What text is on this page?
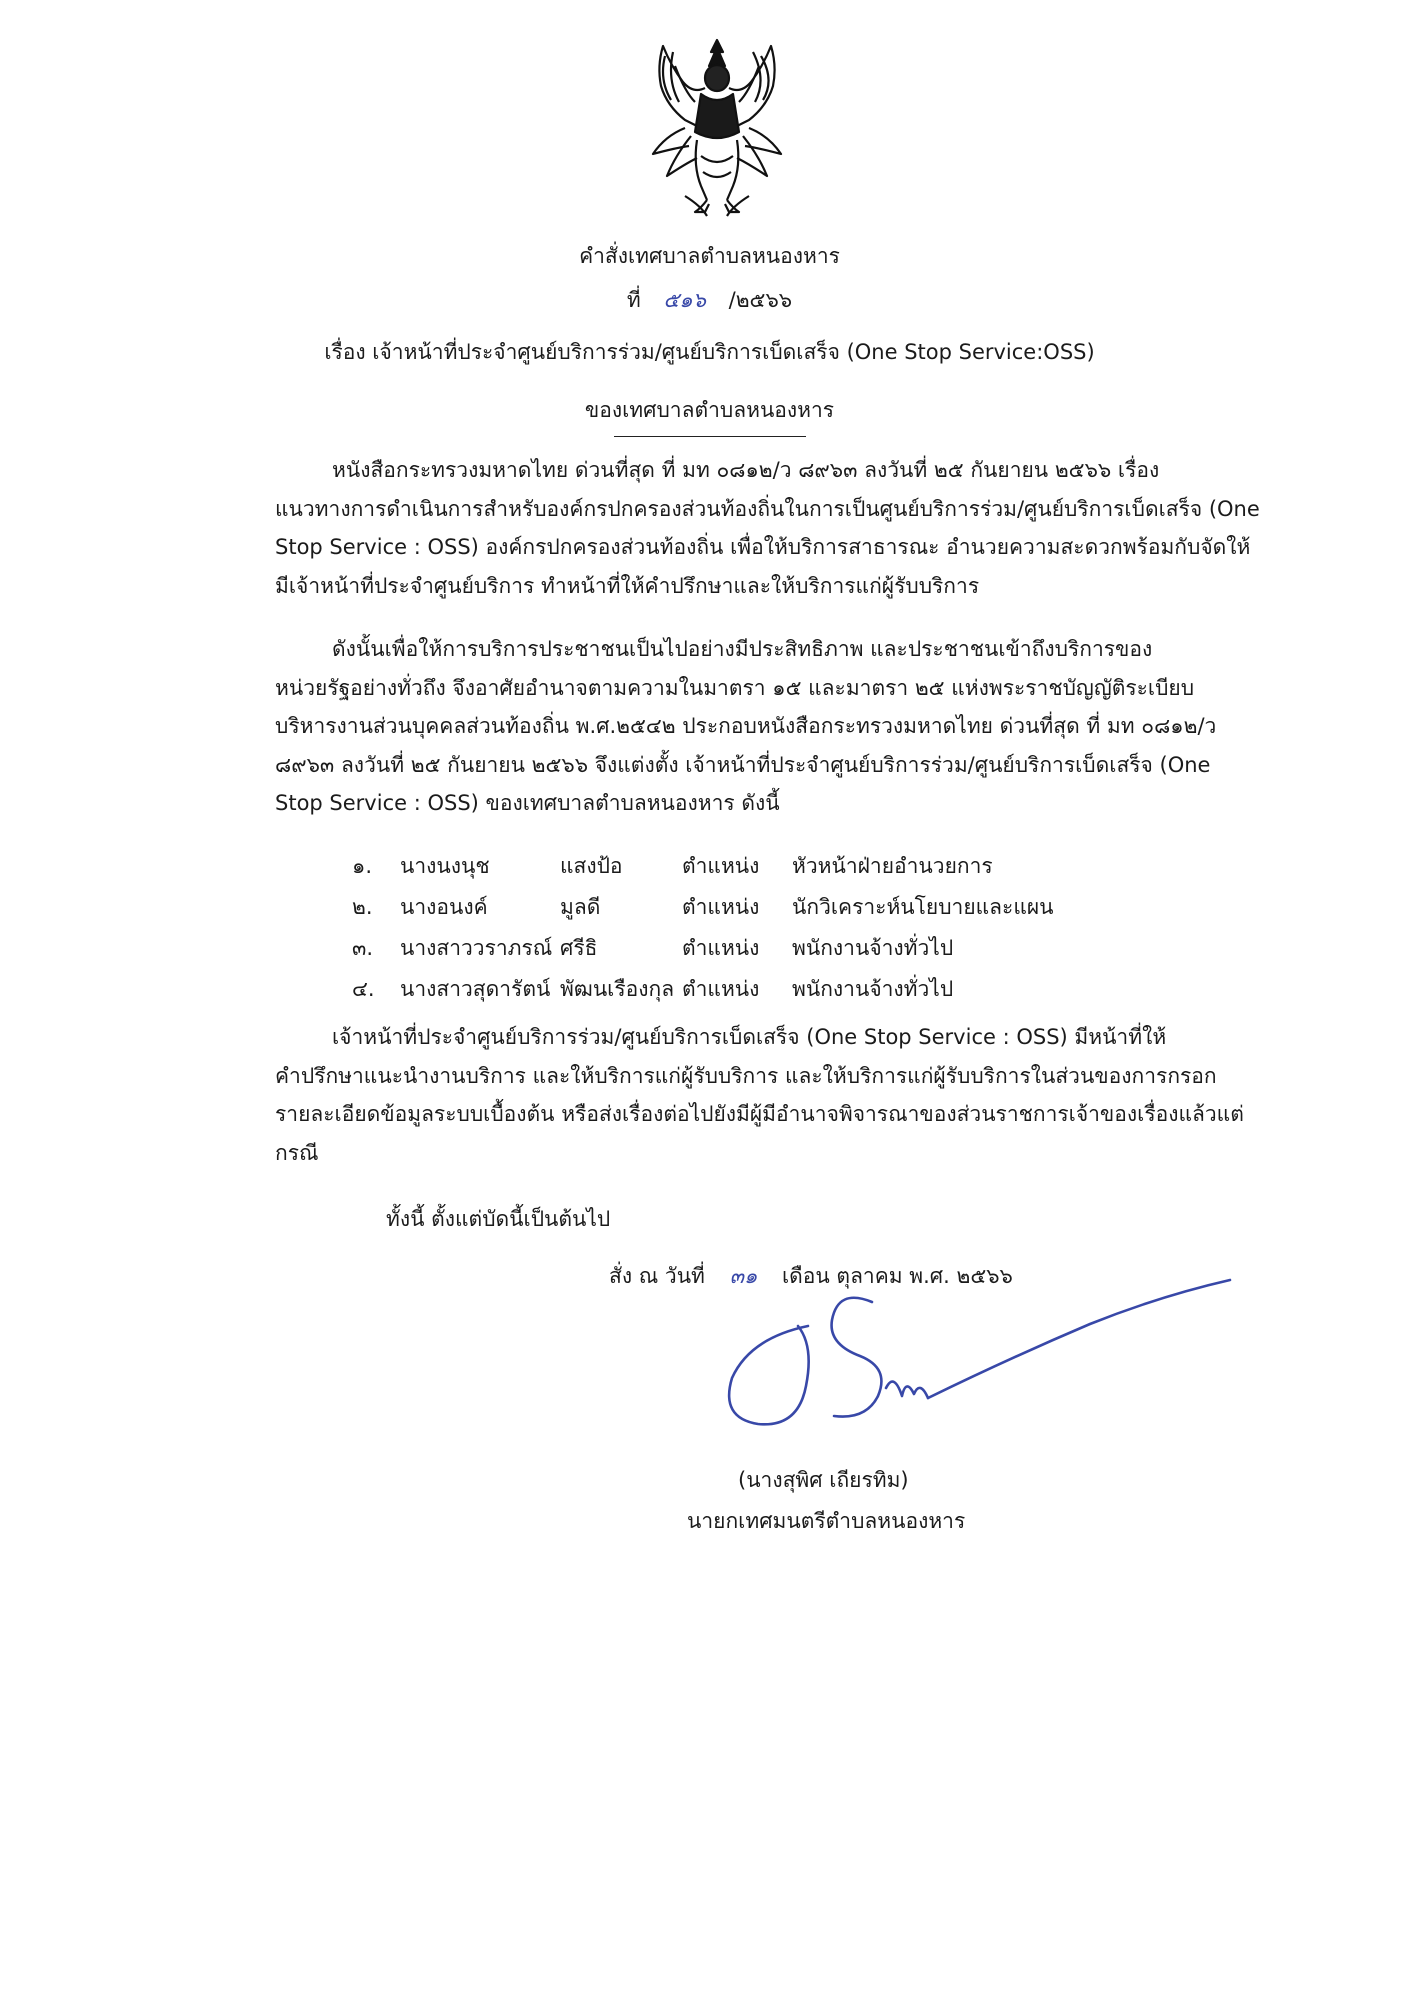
คำสั่งเทศบาลตำบลหนองหาร
ที่ ๕๑๖ /๒๕๖๖
เรื่อง เจ้าหน้าที่ประจำศูนย์บริการร่วม/ศูนย์บริการเบ็ดเสร็จ (One Stop Service:OSS)
ของเทศบาลตำบลหนองหาร

หนังสือกระทรวงมหาดไทย ด่วนที่สุด ที่ มท ๐๘๑๒/ว ๘๙๖๓ ลงวันที่ ๒๕ กันยายน ๒๕๖๖ เรื่อง
แนวทางการดำเนินการสำหรับองค์กรปกครองส่วนท้องถิ่นในการเป็นศูนย์บริการร่วม/ศูนย์บริการเบ็ดเสร็จ (One
Stop Service : OSS) องค์กรปกครองส่วนท้องถิ่น เพื่อให้บริการสาธารณะ อำนวยความสะดวกพร้อมกับจัดให้
มีเจ้าหน้าที่ประจำศูนย์บริการ ทำหน้าที่ให้คำปรึกษาและให้บริการแก่ผู้รับบริการ

ดังนั้นเพื่อให้การบริการประชาชนเป็นไปอย่างมีประสิทธิภาพ และประชาชนเข้าถึงบริการของ
หน่วยรัฐอย่างทั่วถึง จึงอาศัยอำนาจตามความในมาตรา ๑๕ และมาตรา ๒๕ แห่งพระราชบัญญัติระเบียบ
บริหารงานส่วนบุคคลส่วนท้องถิ่น พ.ศ.๒๕๔๒ ประกอบหนังสือกระทรวงมหาดไทย ด่วนที่สุด ที่ มท ๐๘๑๒/ว
๘๙๖๓ ลงวันที่ ๒๕ กันยายน ๒๕๖๖ จึงแต่งตั้ง เจ้าหน้าที่ประจำศูนย์บริการร่วม/ศูนย์บริการเบ็ดเสร็จ (One
Stop Service : OSS) ของเทศบาลตำบลหนองหาร ดังนี้

๑. นางนงนุช	แสงป้อ	ตำแหน่ง หัวหน้าฝ่ายอำนวยการ
๒. นางอนงค์	มูลดี	ตำแหน่ง นักวิเคราะห์นโยบายและแผน
๓. นางสาววราภรณ์ ศรีธิ	ตำแหน่ง พนักงานจ้างทั่วไป
๔. นางสาวสุดารัตน์ พัฒนเรืองกุล ตำแหน่ง พนักงานจ้างทั่วไป

เจ้าหน้าที่ประจำศูนย์บริการร่วม/ศูนย์บริการเบ็ดเสร็จ (One Stop Service : OSS) มีหน้าที่ให้
คำปรึกษาแนะนำงานบริการ และให้บริการแก่ผู้รับบริการ และให้บริการแก่ผู้รับบริการในส่วนของการกรอก
รายละเอียดข้อมูลระบบเบื้องต้น หรือส่งเรื่องต่อไปยังมีผู้มีอำนาจพิจารณาของส่วนราชการเจ้าของเรื่องแล้วแต่
กรณี

ทั้งนี้ ตั้งแต่บัดนี้เป็นต้นไป
สั่ง ณ วันที่ ๓๑ เดือน ตุลาคม พ.ศ. ๒๕๖๖
(นางสุพิศ เถียรทิม)
นายกเทศมนตรีตำบลหนองหาร
